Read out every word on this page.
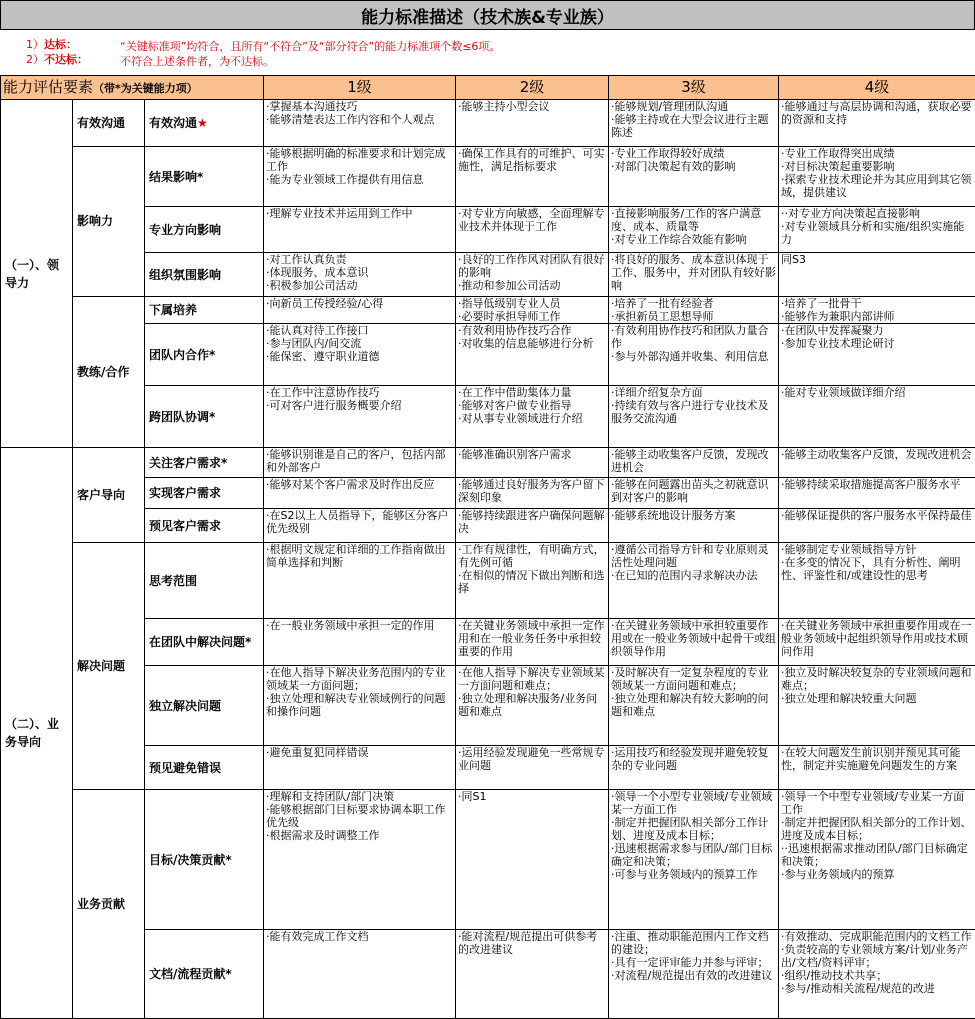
能力标准描述（技术族&专业族）
1）达标：	“关键标准项”均符合，且所有“不符合”及“部分符合”的能力标准项个数≤6项。
2）不达标：	不符合上述条件者，为不达标。
能力评估要素（带*为关键能力项）			1级	2级	3级	4级
（一）、领导力	有效沟通	有效沟通★	·掌握基本沟通技巧
·能够清楚表达工作内容和个人观点	·能够主持小型会议	·能够规划/管理团队沟通
·能够主持或在大型会议进行主题陈述	·能够通过与高层协调和沟通，获取必要的资源和支持

	影响力	结果影响*	·能够根据明确的标准要求和计划完成工作
·能为专业领域工作提供有用信息	·确保工作具有的可维护、可实施性，满足指标要求	·专业工作取得较好成绩
·对部门决策起有效的影响	·专业工作取得突出成绩
·对目标决策起重要影响
·探索专业技术理论并为其应用到其它领域，提供建议

		专业方向影响	·理解专业技术并运用到工作中	·对专业方向敏感，全面理解专业技术并体现于工作	·直接影响服务/工作的客户满意度、成本、质量等
·对专业工作综合效能有影响	··对专业方向决策起直接影响
·对专业领域具分析和实施/组织实施能力

		组织氛围影响	·对工作认真负责
·体现服务、成本意识
·积极参加公司活动	·良好的工作作风对团队有很好的影响
·推动和参加公司活动	·将良好的服务、成本意识体现于工作、服务中，并对团队有较好影响	同S3

	教练/合作	下属培养	·向新员工传授经验/心得	·指导低级别专业人员
·必要时承担导师工作	·培养了一批有经验者
·承担新员工思想导师	·培养了一批骨干
·能够作为兼职内部讲师

		团队内合作*	·能认真对待工作接口
·参与团队内/间交流
·能保密、遵守职业道德	·有效利用协作技巧合作
·对收集的信息能够进行分析	·有效利用协作技巧和团队力量合作
·参与外部沟通并收集、利用信息	·在团队中发挥凝聚力
·参加专业技术理论研讨

		跨团队协调*	·在工作中注意协作技巧
·可对客户进行服务概要介绍	·在工作中借助集体力量
·能够对客户做专业指导
·对从事专业领域进行介绍	·详细介绍复杂方面
·持续有效与客户进行专业技术及服务交流沟通	·能对专业领域做详细介绍

（二）、业务导向	客户导向	关注客户需求*	·能够识别谁是自己的客户，包括内部和外部客户	·能够准确识别客户需求	·能够主动收集客户反馈，发现改进机会	·能够主动收集客户反馈，发现改进机会

		实现客户需求	·能够对某个客户需求及时作出反应	·能够通过良好服务为客户留下深刻印象	·能够在问题露出苗头之初就意识到对客户的影响	·能够持续采取措施提高客户服务水平

		预见客户需求	·在S2以上人员指导下，能够区分客户优先级别	·能够持续跟进客户确保问题解决	·能够系统地设计服务方案	·能够保证提供的客户服务水平保持最佳

	解决问题	思考范围	·根据明文规定和详细的工作指南做出简单选择和判断	·工作有规律性，有明确方式，有先例可循
·在相似的情况下做出判断和选择	·遵循公司指导方针和专业原则灵活性处理问题
·在已知的范围内寻求解决办法	·能够制定专业领域指导方针
·在多变的情况下，具有分析性、阐明性、评鉴性和/或建设性的思考

		在团队中解决问题*	·在一般业务领域中承担一定的作用	·在关键业务领域中承担一定作用和在一般业务任务中承担较重要的作用	·在关键业务领域中承担较重要作用或在一般业务领域中起骨干或组织领导作用	·在关键业务领域中承担重要作用或在一般业务领域中起组织领导作用或技术顾问作用

		独立解决问题	·在他人指导下解决业务范围内的专业领域某一方面问题；
·独立处理和解决专业领域例行的问题和操作问题	·在他人指导下解决专业领域某一方面问题和难点；
·独立处理和解决服务/业务问题和难点	·及时解决有一定复杂程度的专业领域某一方面问题和难点；
·独立处理和解决有较大影响的问题和难点	·独立及时解决较复杂的专业领域问题和难点；
·独立处理和解决较重大问题

		预见避免错误	·避免重复犯同样错误	·运用经验发现避免一些常规专业问题	·运用技巧和经验发现并避免较复杂的专业问题	·在较大问题发生前识别并预见其可能性，制定并实施避免问题发生的方案

	业务贡献	目标/决策贡献*	·理解和支持团队/部门决策
·能够根据部门目标要求协调本职工作优先级
·根据需求及时调整工作	·同S1	·领导一个小型专业领域/专业领域某一方面工作
·制定并把握团队相关部分工作计划、进度及成本目标；
·迅速根据需求参与团队/部门目标确定和决策；
·可参与业务领域内的预算工作	·领导一个中型专业领域/专业某一方面工作
·制定并把握团队相关部分的工作计划、进度及成本目标；
··迅速根据需求推动团队/部门目标确定和决策；
·参与业务领域内的预算

		文档/流程贡献*	·能有效完成工作文档	·能对流程/规范提出可供参考的改进建议	·注重、推动职能范围内工作文档的建设；
·具有一定评审能力并参与评审；
·对流程/规范提出有效的改进建议	·有效推动、完成职能范围内的文档工作
·负责较高的专业领域方案/计划/业务产出/文档/资料评审；
·组织/推动技术共享；
·参与/推动相关流程/规范的改进
